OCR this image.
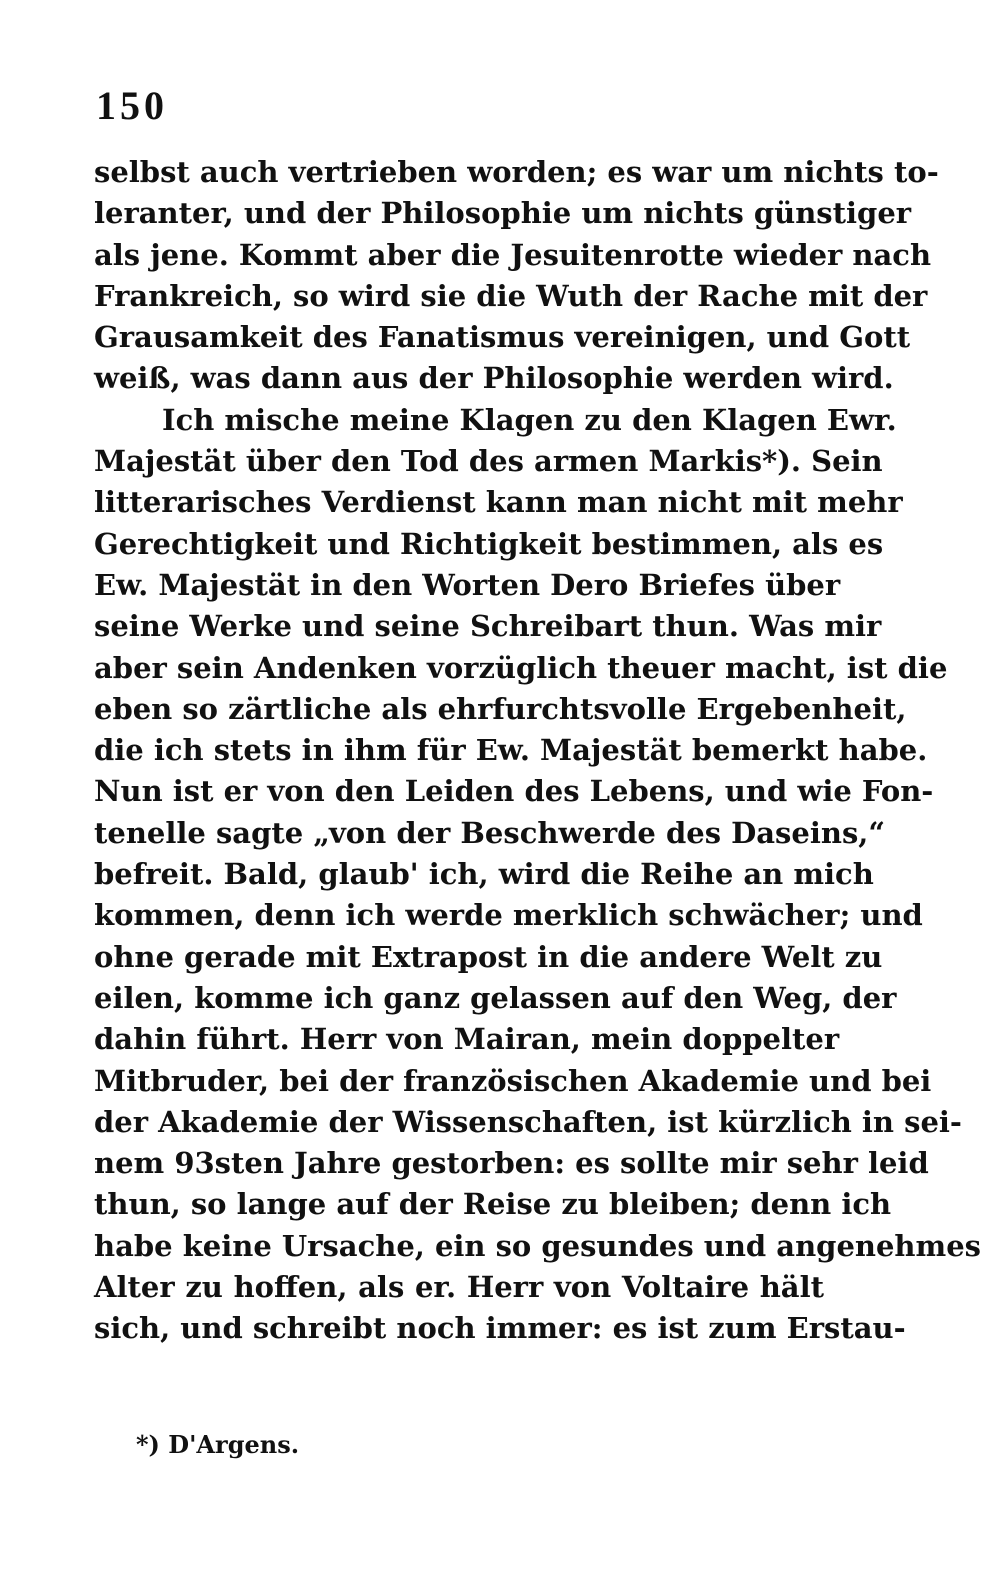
150
selbst auch vertrieben worden; es war um nichts to-
leranter, und der Philosophie um nichts günstiger
als jene. Kommt aber die Jesuitenrotte wieder nach
Frankreich, so wird sie die Wuth der Rache mit der
Grausamkeit des Fanatismus vereinigen, und Gott
weiß, was dann aus der Philosophie werden wird.
Ich mische meine Klagen zu den Klagen Ewr.
Majestät über den Tod des armen Markis*). Sein
litterarisches Verdienst kann man nicht mit mehr
Gerechtigkeit und Richtigkeit bestimmen, als es
Ew. Majestät in den Worten Dero Briefes über
seine Werke und seine Schreibart thun. Was mir
aber sein Andenken vorzüglich theuer macht, ist die
eben so zärtliche als ehrfurchtsvolle Ergebenheit,
die ich stets in ihm für Ew. Majestät bemerkt habe.
Nun ist er von den Leiden des Lebens, und wie Fon-
tenelle sagte „von der Beschwerde des Daseins,“
befreit. Bald, glaub' ich, wird die Reihe an mich
kommen, denn ich werde merklich schwächer; und
ohne gerade mit Extrapost in die andere Welt zu
eilen, komme ich ganz gelassen auf den Weg, der
dahin führt. Herr von Mairan, mein doppelter
Mitbruder, bei der französischen Akademie und bei
der Akademie der Wissenschaften, ist kürzlich in sei-
nem 93sten Jahre gestorben: es sollte mir sehr leid
thun, so lange auf der Reise zu bleiben; denn ich
habe keine Ursache, ein so gesundes und angenehmes
Alter zu hoffen, als er. Herr von Voltaire hält
sich, und schreibt noch immer: es ist zum Erstau-
*) D'Argens.
